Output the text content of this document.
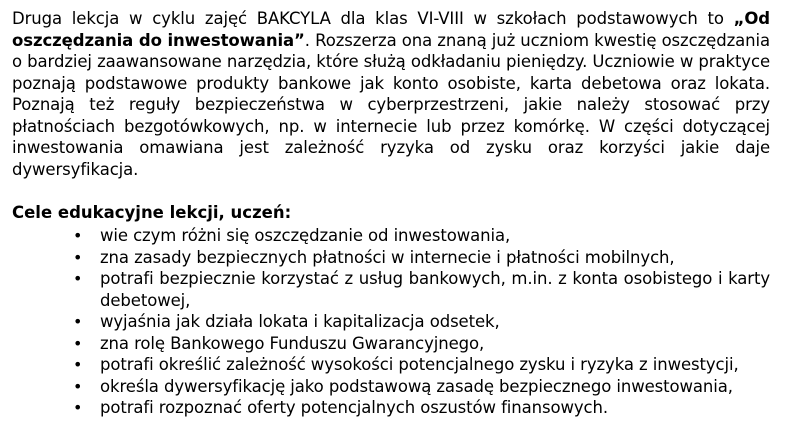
Druga lekcja w cyklu zajęć BAKCYLA dla klas VI-VIII w szkołach podstawowych to „Od oszczędzania do inwestowania”. Rozszerza ona znaną już uczniom kwestię oszczędzania o bardziej zaawansowane narzędzia, które służą odkładaniu pieniędzy. Uczniowie w praktyce poznają podstawowe produkty bankowe jak konto osobiste, karta debetowa oraz lokata. Poznają też reguły bezpieczeństwa w cyberprzestrzeni, jakie należy stosować przy płatnościach bezgotówkowych, np. w internecie lub przez komórkę. W części dotyczącej inwestowania omawiana jest zależność ryzyka od zysku oraz korzyści jakie daje dywersyfikacja.

Cele edukacyjne lekcji, uczeń:

• wie czym różni się oszczędzanie od inwestowania,
• zna zasady bezpiecznych płatności w internecie i płatności mobilnych,
• potrafi bezpiecznie korzystać z usług bankowych, m.in. z konta osobistego i karty debetowej,
• wyjaśnia jak działa lokata i kapitalizacja odsetek,
• zna rolę Bankowego Funduszu Gwarancyjnego,
• potrafi określić zależność wysokości potencjalnego zysku i ryzyka z inwestycji,
• określa dywersyfikację jako podstawową zasadę bezpiecznego inwestowania,
• potrafi rozpoznać oferty potencjalnych oszustów finansowych.
